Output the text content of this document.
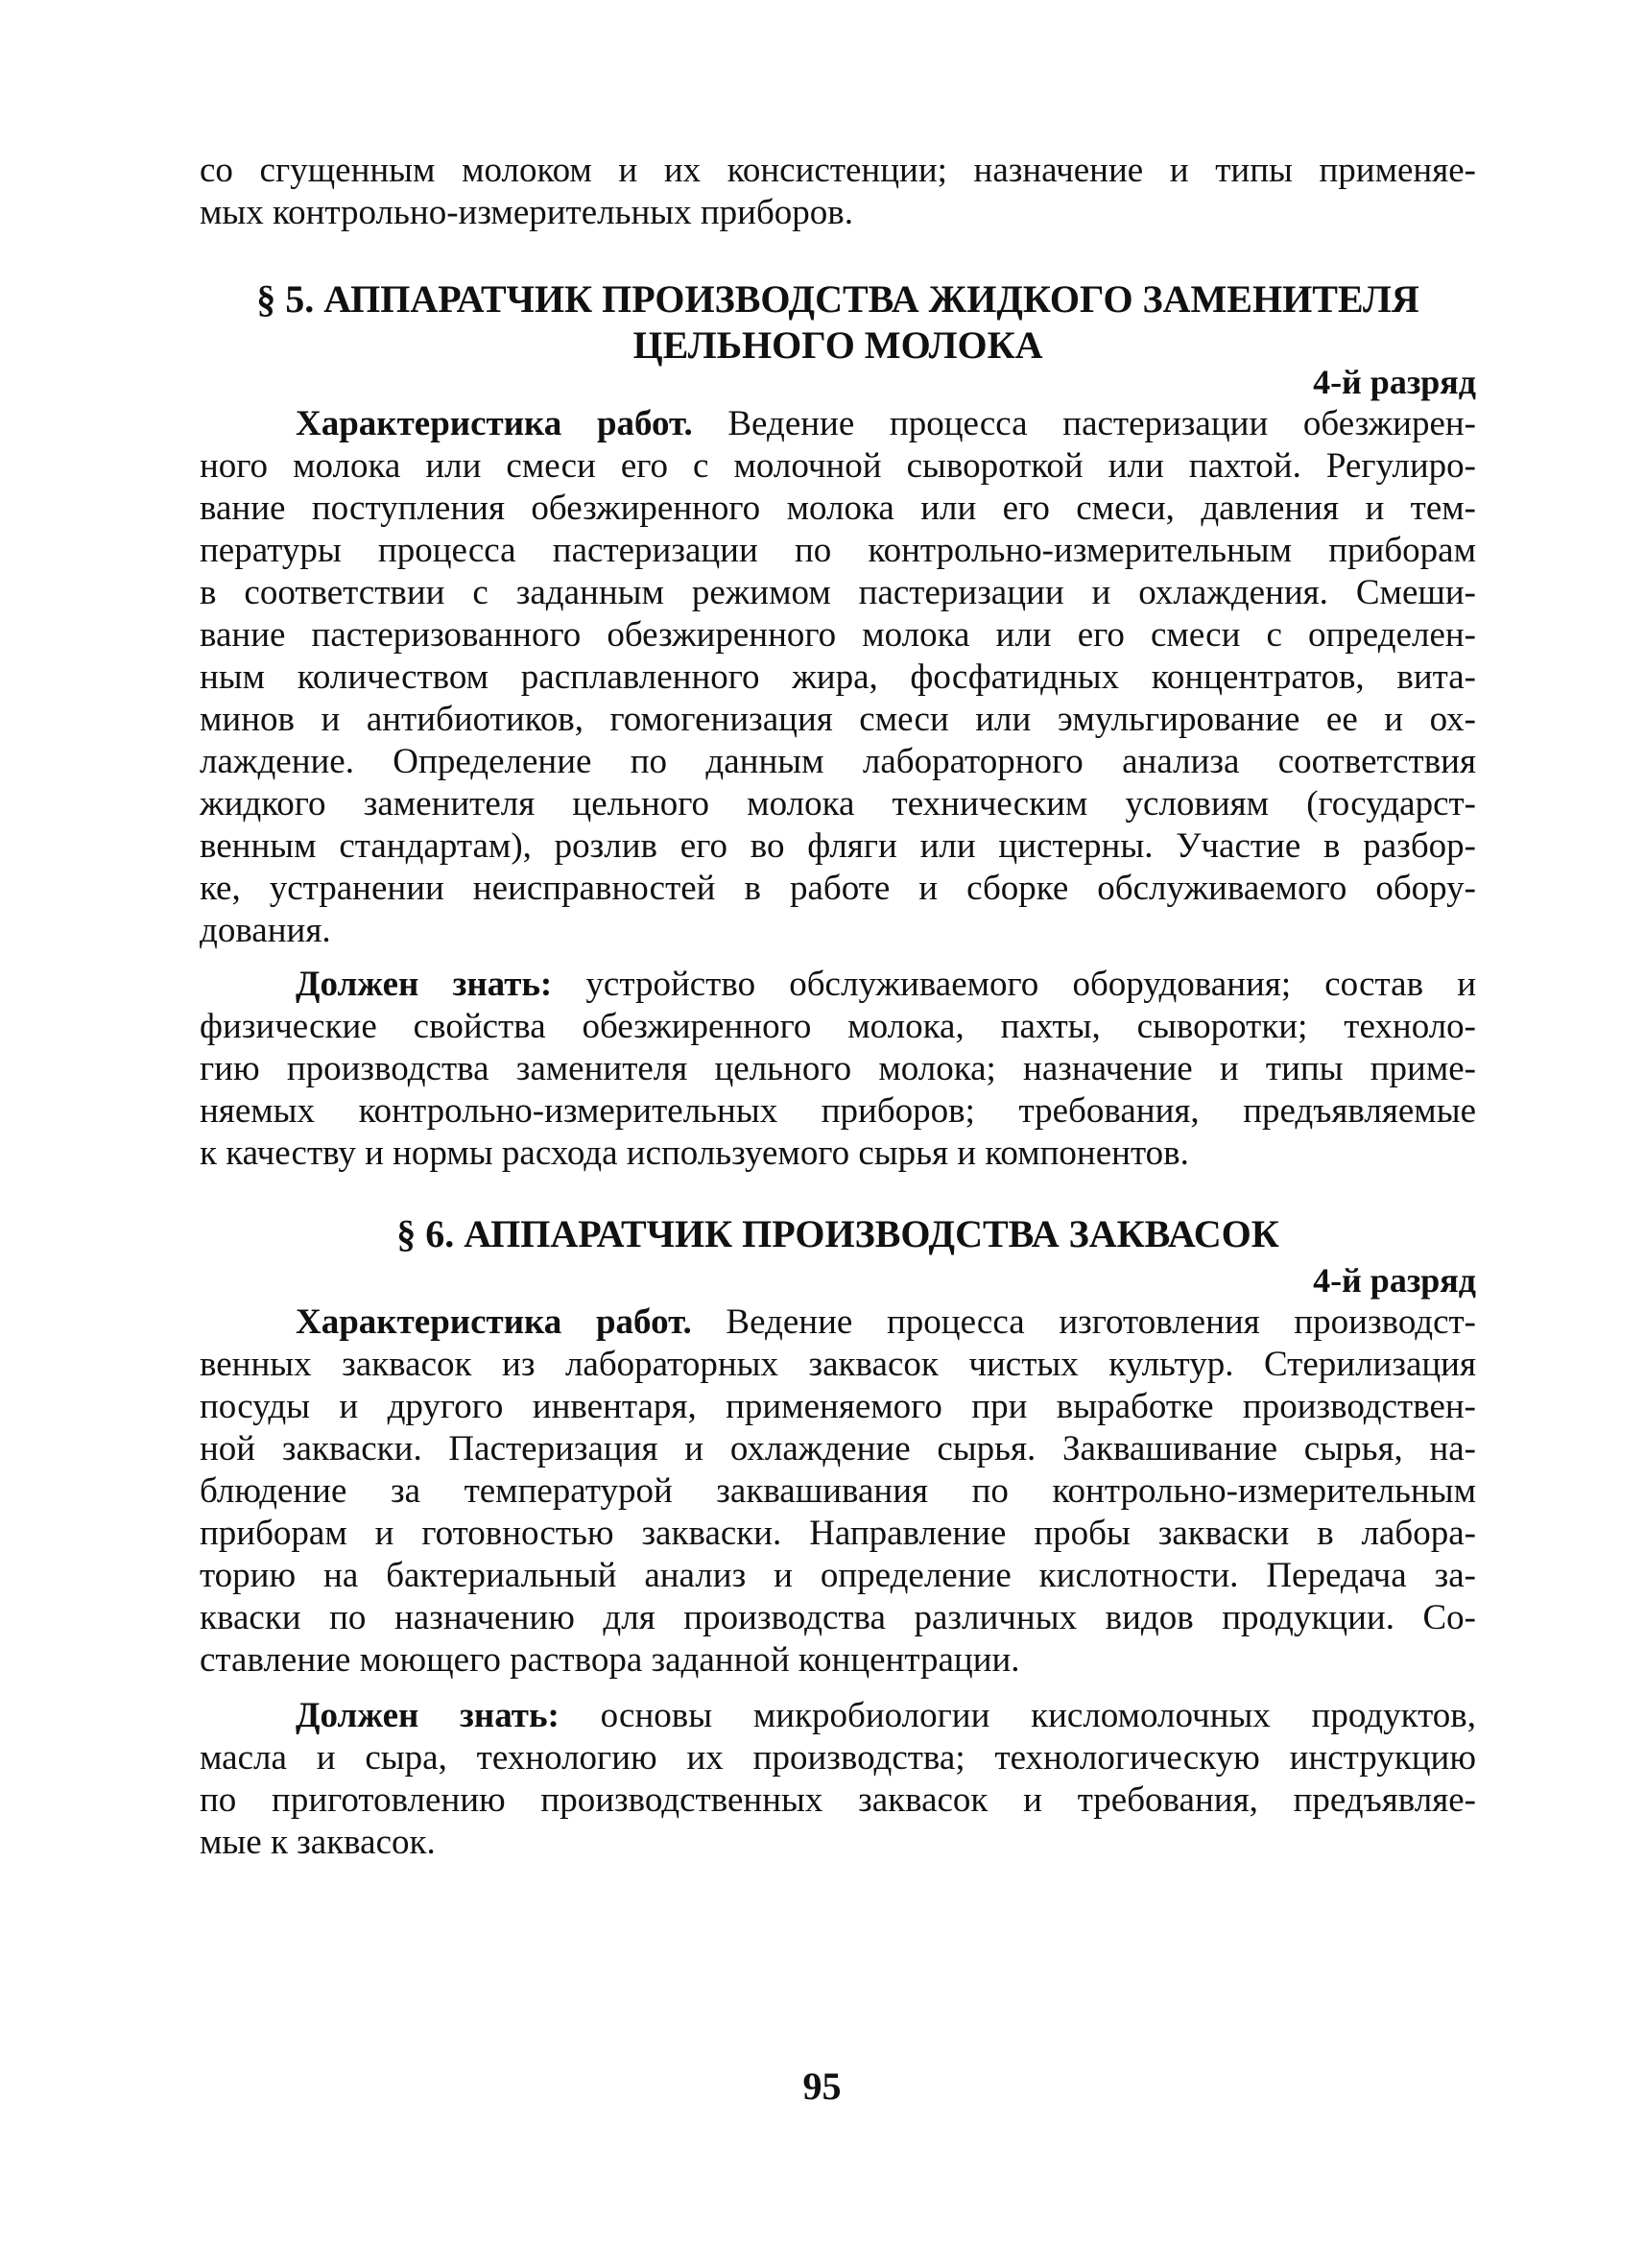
со сгущенным молоком и их консистенции; назначение и типы применяе-
мых контрольно-измерительных приборов.
§ 5. АППАРАТЧИК ПРОИЗВОДСТВА ЖИДКОГО ЗАМЕНИТЕЛЯ
ЦЕЛЬНОГО МОЛОКА
4-й разряд
Характеристика работ. Ведение процесса пастеризации обезжирен-
ного молока или смеси его с молочной сывороткой или пахтой. Регулиро-
вание поступления обезжиренного молока или его смеси, давления и тем-
пературы процесса пастеризации по контрольно-измерительным приборам
в соответствии с заданным режимом пастеризации и охлаждения. Смеши-
вание пастеризованного обезжиренного молока или его смеси с определен-
ным количеством расплавленного жира, фосфатидных концентратов, вита-
минов и антибиотиков, гомогенизация смеси или эмульгирование ее и ох-
лаждение. Определение по данным лабораторного анализа соответствия
жидкого заменителя цельного молока техническим условиям (государст-
венным стандартам), розлив его во фляги или цистерны. Участие в разбор-
ке, устранении неисправностей в работе и сборке обслуживаемого обору-
дования.
Должен знать: устройство обслуживаемого оборудования; состав и
физические свойства обезжиренного молока, пахты, сыворотки; техноло-
гию производства заменителя цельного молока; назначение и типы приме-
няемых контрольно-измерительных приборов; требования, предъявляемые
к качеству и нормы расхода используемого сырья и компонентов.
§ 6. АППАРАТЧИК ПРОИЗВОДСТВА ЗАКВАСОК
4-й разряд
Характеристика работ. Ведение процесса изготовления производст-
венных заквасок из лабораторных заквасок чистых культур. Стерилизация
посуды и другого инвентаря, применяемого при выработке производствен-
ной закваски. Пастеризация и охлаждение сырья. Заквашивание сырья, на-
блюдение за температурой заквашивания по контрольно-измерительным
приборам и готовностью закваски. Направление пробы закваски в лабора-
торию на бактериальный анализ и определение кислотности. Передача за-
кваски по назначению для производства различных видов продукции. Со-
ставление моющего раствора заданной концентрации.
Должен знать: основы микробиологии кисломолочных продуктов,
масла и сыра, технологию их производства; технологическую инструкцию
по приготовлению производственных заквасок и требования, предъявляе-
мые к заквасок.
95
